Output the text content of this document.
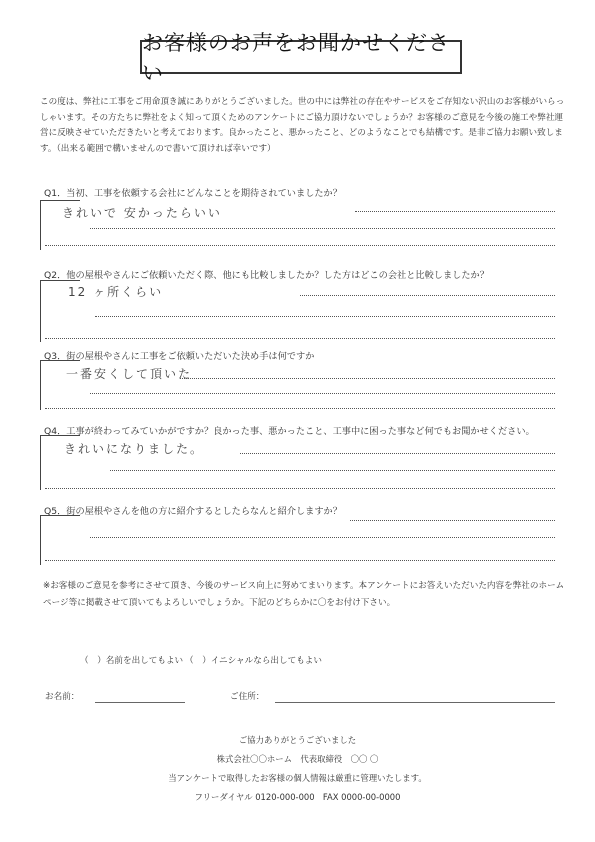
お客様のお声をお聞かせください
この度は、弊社に工事をご用命頂き誠にありがとうございました。世の中には弊社の存在やサービスをご存知ない沢山のお客様がいらっしゃいます。その方たちに弊社をよく知って頂くためのアンケートにご協力頂けないでしょうか？お客様のご意見を今後の施工や弊社運営に反映させていただきたいと考えております。良かったこと、悪かったこと、どのようなことでも結構です。是非ご協力お願い致します。（出来る範囲で構いませんので書いて頂ければ幸いです）
Q1．当初、工事を依頼する会社にどんなことを期待されていましたか？
きれいで 安かったらいい
Q2．他の屋根やさんにご依頼いただく際、他にも比較しましたか？した方はどこの会社と比較しましたか？
12 ヶ所くらい
Q3．街の屋根やさんに工事をご依頼いただいた決め手は何ですか
一番安くして頂いた
Q4．工事が終わってみていかがですか？良かった事、悪かったこと、工事中に困った事など何でもお聞かせください。
きれいになりました。
Q5．街の屋根やさんを他の方に紹介するとしたらなんと紹介しますか？
※お客様のご意見を参考にさせて頂き、今後のサービス向上に努めてまいります。本アンケートにお答えいただいた内容を弊社のホームページ等に掲載させて頂いてもよろしいでしょうか。下記のどちらかに〇をお付け下さい。
（　）名前を出してもよい （　）イニシャルなら出してもよい
お名前：	ご住所：
ご協力ありがとうございました
株式会社〇〇ホーム　代表取締役　〇〇 〇
当アンケートで取得したお客様の個人情報は厳重に管理いたします。
フリーダイヤル 0120-000-000　FAX 0000-00-0000
